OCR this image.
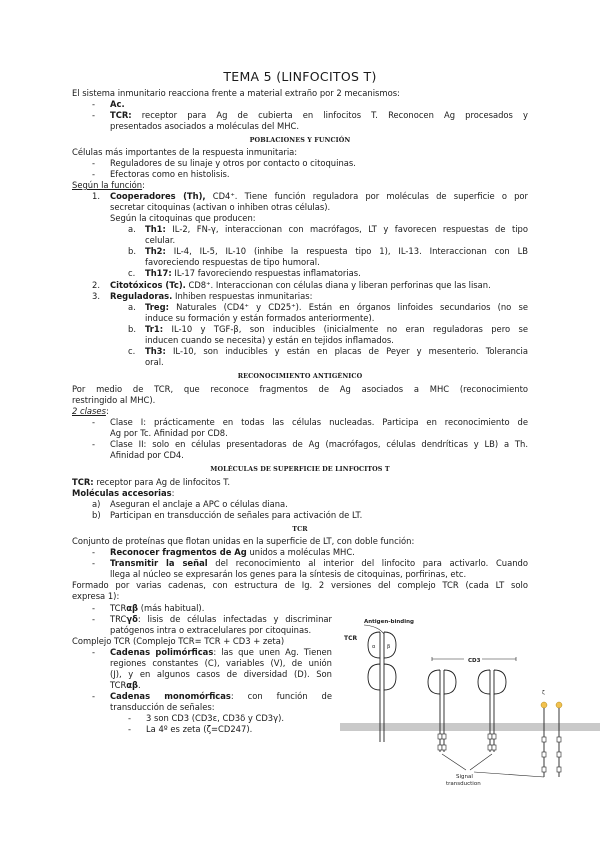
TEMA 5 (LINFOCITOS T)
El sistema inmunitario reacciona frente a material extraño por 2 mecanismos:
- Ac.
- TCR: receptor para Ag de cubierta en linfocitos T. Reconocen Ag procesados y
presentados asociados a moléculas del MHC.
POBLACIONES Y FUNCIÓN
Células más importantes de la respuesta inmunitaria:
- Reguladores de su linaje y otros por contacto o citoquinas.
- Efectoras como en histolisis.
Según la función:
1. Cooperadores (Th), CD4⁺. Tiene función reguladora por moléculas de superficie o por
secretar citoquinas (activan o inhiben otras células).
Según la citoquinas que producen:
a. Th1: IL-2, FN-γ, interaccionan con macrófagos, LT y favorecen respuestas de tipo
celular.
b. Th2: IL-4, IL-5, IL-10 (inhibe la respuesta tipo 1), IL-13. Interaccionan con LB
favoreciendo respuestas de tipo humoral.
c. Th17: IL-17 favoreciendo respuestas inflamatorias.
2. Citotóxicos (Tc). CD8⁺. Interaccionan con células diana y liberan perforinas que las lisan.
3. Reguladoras. Inhiben respuestas inmunitarias:
a. Treg: Naturales (CD4⁺ y CD25⁺). Están en órganos linfoides secundarios (no se
induce su formación y están formados anteriormente).
b. Tr1: IL-10 y TGF-β, son inducibles (inicialmente no eran reguladoras pero se
inducen cuando se necesita) y están en tejidos inflamados.
c. Th3: IL-10, son inducibles y están en placas de Peyer y mesenterio. Tolerancia
oral.
RECONOCIMIENTO ANTIGÉNICO
Por medio de TCR, que reconoce fragmentos de Ag asociados a MHC (reconocimiento
restringido al MHC).
2 clases:
- Clase I: prácticamente en todas las células nucleadas. Participa en reconocimiento de
Ag por Tc. Afinidad por CD8.
- Clase II: solo en células presentadoras de Ag (macrófagos, células dendríticas y LB) a Th.
Afinidad por CD4.
MOLÉCULAS DE SUPERFICIE DE LINFOCITOS T
TCR: receptor para Ag de linfocitos T.
Moléculas accesorias:
a) Aseguran el anclaje a APC o células diana.
b) Participan en transducción de señales para activación de LT.
TCR
Conjunto de proteínas que flotan unidas en la superficie de LT, con doble función:
- Reconocer fragmentos de Ag unidos a moléculas MHC.
- Transmitir la señal del reconocimiento al interior del linfocito para activarlo. Cuando
llega al núcleo se expresarán los genes para la síntesis de citoquinas, porfirinas, etc.
Formado por varias cadenas, con estructura de Ig. 2 versiones del complejo TCR (cada LT solo
expresa 1):
- TCRαβ (más habitual).
- TRCγδ: lisis de células infectadas y discriminar
patógenos intra o extracelulares por citoquinas.
Complejo TCR (Complejo TCR= TCR + CD3 + zeta)
- Cadenas polimórficas: las que unen Ag. Tienen
regiones constantes (C), variables (V), de unión
(J), y en algunos casos de diversidad (D). Son
TCRαβ.
- Cadenas monomórficas: con función de
transducción de señales:
- 3 son CD3 (CD3ε, CD3δ y CD3γ).
- La 4º es zeta (ζ=CD247).
TCR
Antigen-binding
α β
CD3
ζ
Signal
transduction
